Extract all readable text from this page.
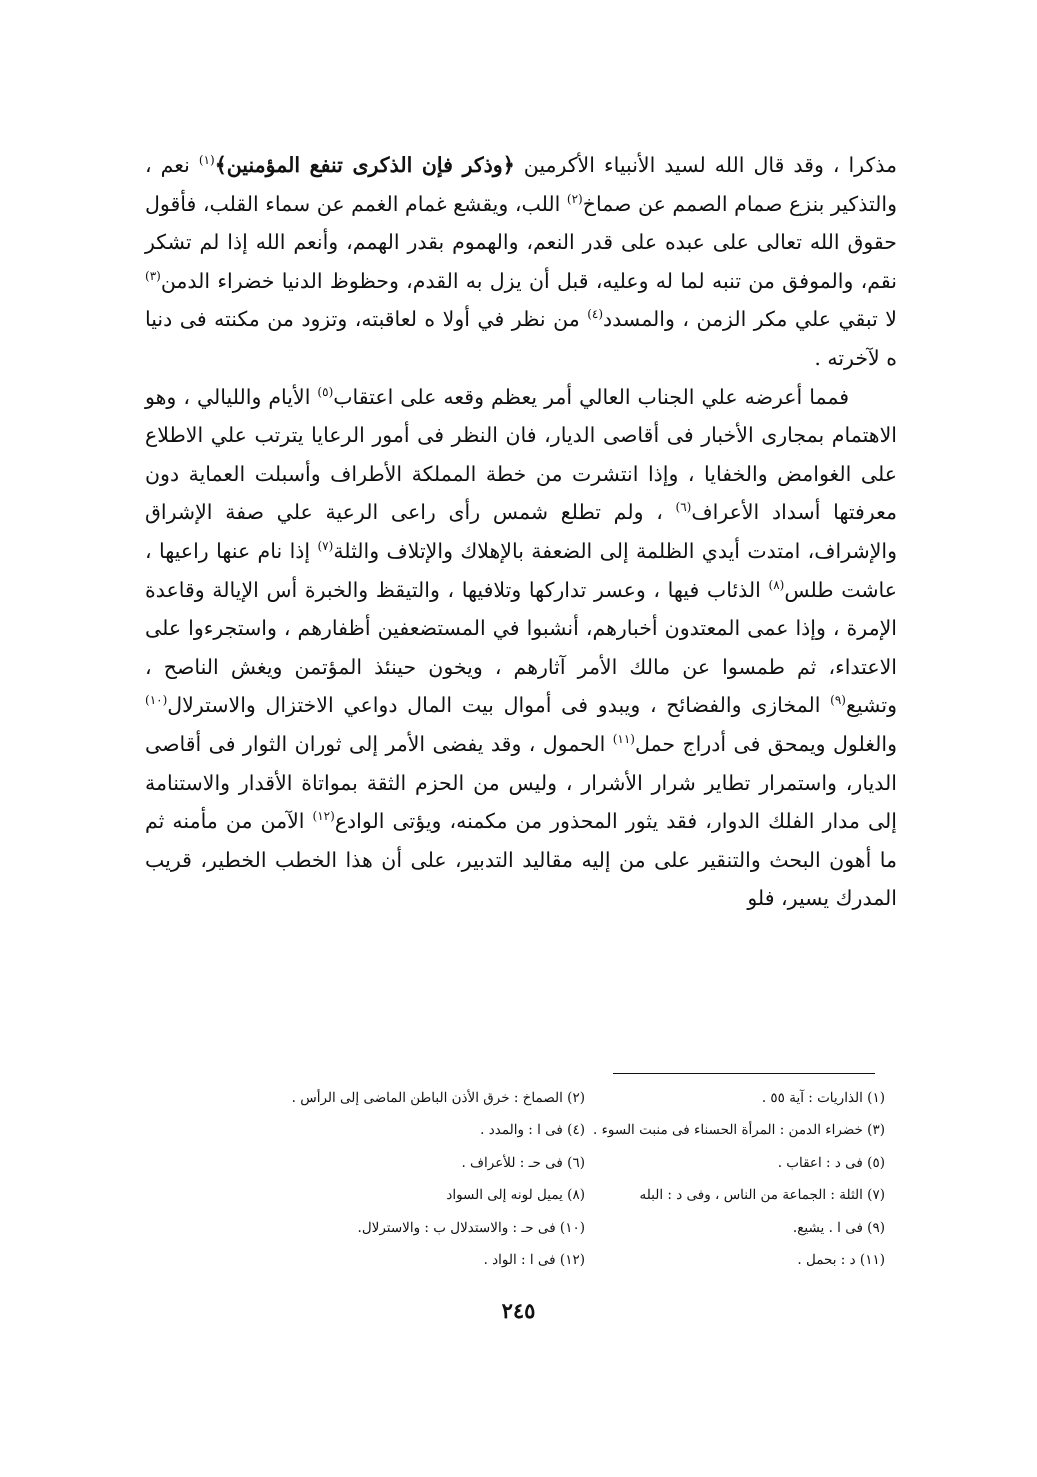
مذكرا ، وقد قال الله لسيد الأنبياء الأكرمين ﴿وذكر فإن الذكرى تنفع المؤمنين﴾$^{(١)}$ نعم ، والتذكير بنزع صمام الصمم عن صماخ$^{(٢)}$ اللب، ويقشع غمام الغمم عن سماء القلب، فأقول حقوق الله تعالى على عبده على قدر النعم، والهموم بقدر الهمم، وأنعم الله إذا لم تشكر نقم، والموفق من تنبه لما له وعليه، قبل أن يزل به القدم، وحظوظ الدنيا خضراء الدمن$^{(٣)}$ لا تبقي علي مكر الزمن ، والمسدد$^{(٤)}$ من نظر في أولا ه لعاقبته، وتزود من مكنته فى دنيا ه لآخرته .

فمما أعرضه علي الجناب العالي أمر يعظم وقعه على اعتقاب$^{(٥)}$ الأيام والليالي ، وهو الاهتمام بمجارى الأخبار فى أقاصى الديار، فان النظر فى أمور الرعايا يترتب علي الاطلاع على الغوامض والخفايا ، وإذا انتشرت من خطة المملكة الأطراف وأسبلت العماية دون معرفتها أسداد الأعراف$^{(٦)}$ ، ولم تطلع شمس رأى راعى الرعية علي صفة الإشراق والإشراف، امتدت أيدي الظلمة إلى الضعفة بالإهلاك والإتلاف والثلة$^{(٧)}$ إذا نام عنها راعيها ، عاشت طلس$^{(٨)}$ الذئاب فيها ، وعسر تداركها وتلافيها ، والتيقظ والخبرة أس الإيالة وقاعدة الإمرة ، وإذا عمى المعتدون أخبارهم، أنشبوا في المستضعفين أظفارهم ، واستجرءوا على الاعتداء، ثم طمسوا عن مالك الأمر آثارهم ، ويخون حينئذ المؤتمن ويغش الناصح ، وتشيع$^{(٩)}$ المخازى والفضائح ، ويبدو فى أموال بيت المال دواعي الاختزال والاسترلال$^{(١٠)}$ والغلول ويمحق فى أدراج حمل$^{(١١)}$ الحمول ، وقد يفضى الأمر إلى ثوران الثوار فى أقاصى الديار، واستمرار تطاير شرار الأشرار ، وليس من الحزم الثقة بمواتاة الأقدار والاستنامة إلى مدار الفلك الدوار، فقد يثور المحذور من مكمنه، ويؤتى الوادع$^{(١٢)}$ الآمن من مأمنه ثم ما أهون البحث والتنقير على من إليه مقاليد التدبير، على أن هذا الخطب الخطير، قريب المدرك يسير، فلو

(١) الذاريات : آية ٥٥ .
(٢) الصماخ : خرق الأذن الباطن الماضى إلى الرأس .
(٣) خضراء الدمن : المرأة الحسناء فى منبت السوء .
(٤) فى ا : والمدد .
(٥) فى د : اعقاب .
(٦) فى حـ : للأعراف .
(٧) الثلة : الجماعة من الناس ، وفى د : البله
(٨) يميل لونه إلى السواد
(٩) فى ا . يشيع.
(١٠) فى حـ : والاستدلال ب : والاسترلال.
(١١) د : بحمل .
(١٢) فى ا : الواد .
٢٤٥
